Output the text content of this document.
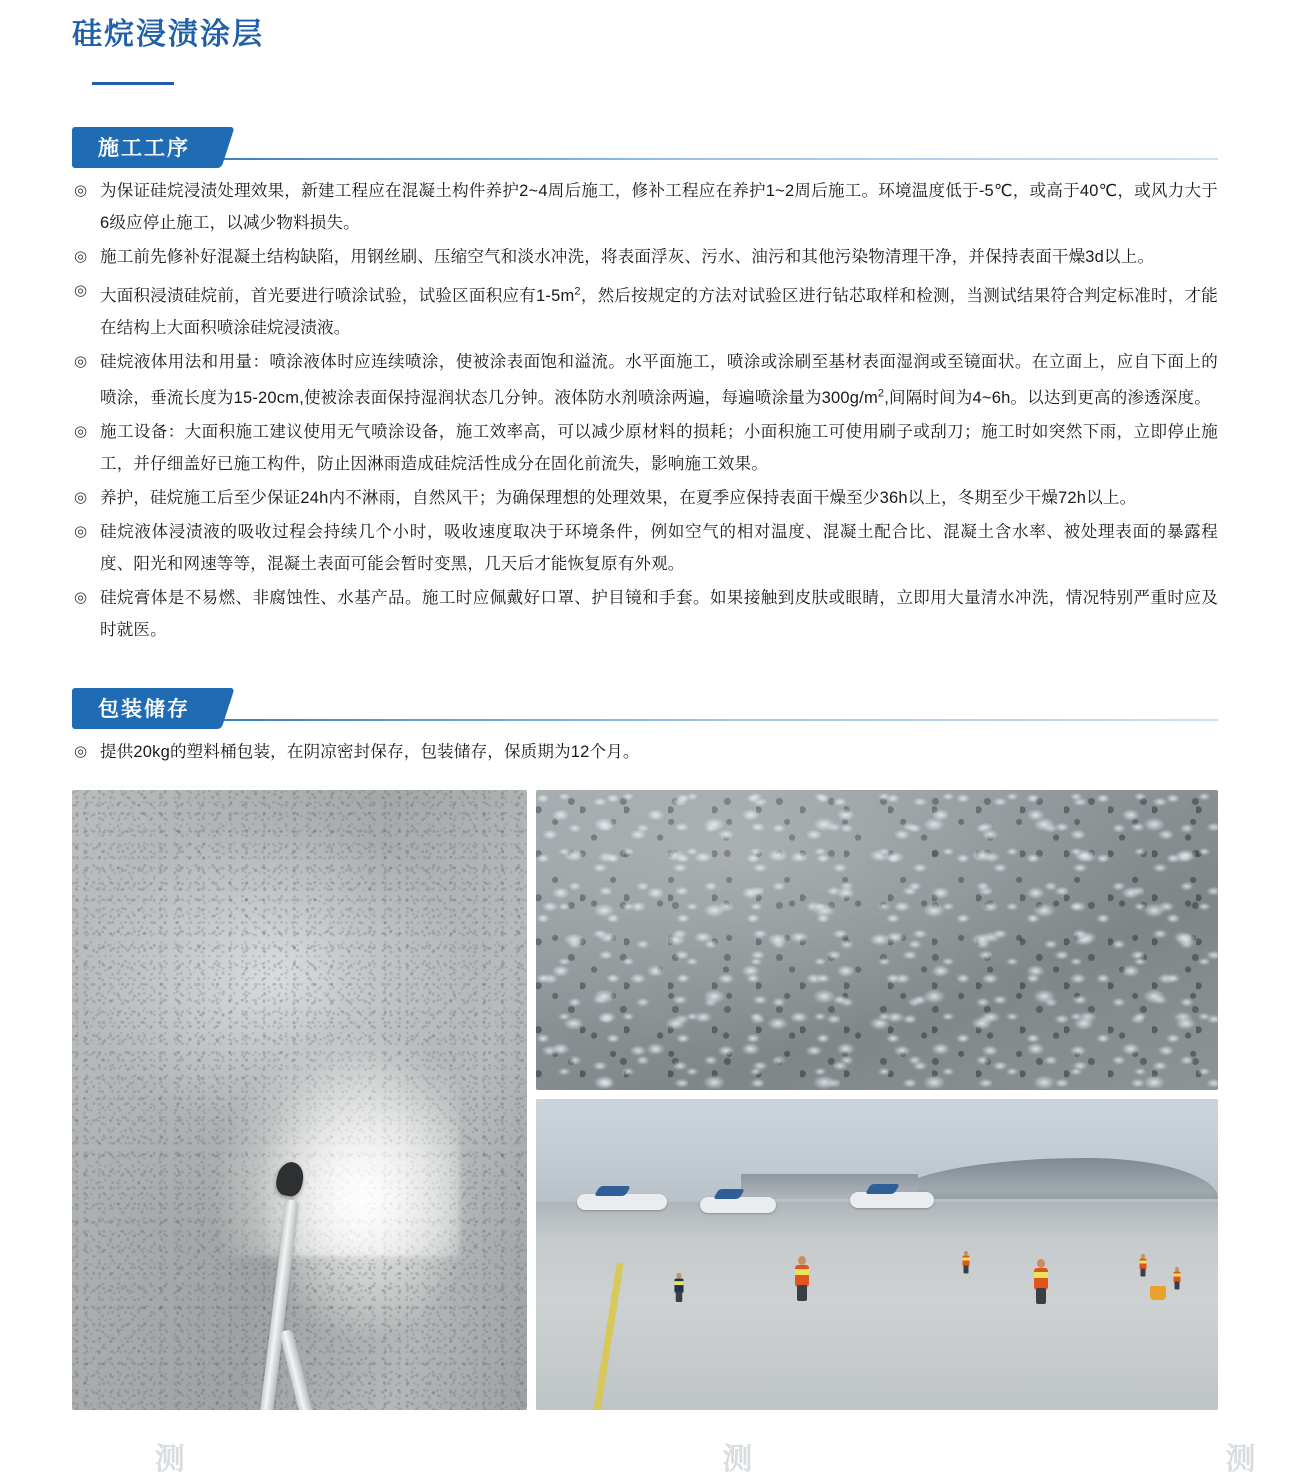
硅烷浸渍涂层
施工工序
◎ 为保证硅烷浸渍处理效果，新建工程应在混凝土构件养护2~4周后施工，修补工程应在养护1~2周后施工。环境温度低于-5℃，或高于40℃，或风力大于6级应停止施工，以减少物料损失。
◎ 施工前先修补好混凝土结构缺陷，用钢丝刷、压缩空气和淡水冲洗，将表面浮灰、污水、油污和其他污染物清理干净，并保持表面干燥3d以上。
◎ 大面积浸渍硅烷前，首光要进行喷涂试验，试验区面积应有$1-5m^2$，然后按规定的方法对试验区进行钻芯取样和检测，当测试结果符合判定标准时，才能在结构上大面积喷涂硅烷浸渍液。
◎ 硅烷液体用法和用量：喷涂液体时应连续喷涂，使被涂表面饱和溢流。水平面施工，喷涂或涂刷至基材表面湿润或至镜面状。在立面上，应自下面上的喷涂，垂流长度为15-20cm,使被涂表面保持湿润状态几分钟。液体防水剂喷涂两遍，每遍喷涂量为$300g/m^2$,间隔时间为4~6h。以达到更高的渗透深度。
◎ 施工设备：大面积施工建议使用无气喷涂设备，施工效率高，可以减少原材料的损耗；小面积施工可使用刷子或刮刀；施工时如突然下雨，立即停止施工，并仔细盖好已施工构件，防止因淋雨造成硅烷活性成分在固化前流失，影响施工效果。
◎ 养护，硅烷施工后至少保证24h内不淋雨，自然风干；为确保理想的处理效果，在夏季应保持表面干燥至少36h以上，冬期至少干燥72h以上。
◎ 硅烷液体浸渍液的吸收过程会持续几个小时，吸收速度取决于环境条件，例如空气的相对温度、混凝土配合比、混凝土含水率、被处理表面的暴露程度、阳光和网速等等，混凝土表面可能会暂时变黑，几天后才能恢复原有外观。
◎ 硅烷膏体是不易燃、非腐蚀性、水基产品。施工时应佩戴好口罩、护目镜和手套。如果接触到皮肤或眼睛，立即用大量清水冲洗，情况特别严重时应及时就医。
包装储存
◎ 提供20kg的塑料桶包装，在阴凉密封保存，包装储存，保质期为12个月。
测	测	测
